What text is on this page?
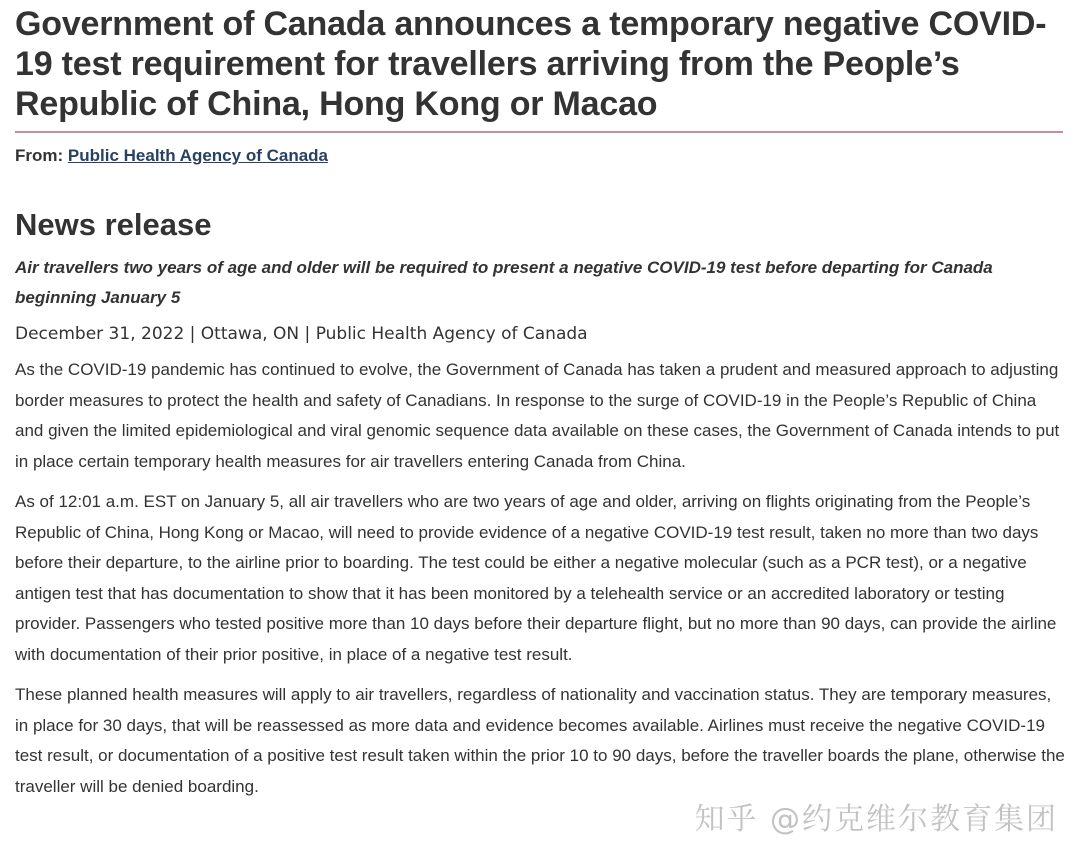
Government of Canada announces a temporary negative COVID-19 test requirement for travellers arriving from the People’s Republic of China, Hong Kong or Macao
From: Public Health Agency of Canada
News release
Air travellers two years of age and older will be required to present a negative COVID-19 test before departing for Canada beginning January 5
December 31, 2022 | Ottawa, ON | Public Health Agency of Canada

As the COVID-19 pandemic has continued to evolve, the Government of Canada has taken a prudent and measured approach to adjusting border measures to protect the health and safety of Canadians. In response to the surge of COVID-19 in the People’s Republic of China and given the limited epidemiological and viral genomic sequence data available on these cases, the Government of Canada intends to put in place certain temporary health measures for air travellers entering Canada from China.

As of 12:01 a.m. EST on January 5, all air travellers who are two years of age and older, arriving on flights originating from the People’s Republic of China, Hong Kong or Macao, will need to provide evidence of a negative COVID-19 test result, taken no more than two days before their departure, to the airline prior to boarding. The test could be either a negative molecular (such as a PCR test), or a negative antigen test that has documentation to show that it has been monitored by a telehealth service or an accredited laboratory or testing provider. Passengers who tested positive more than 10 days before their departure flight, but no more than 90 days, can provide the airline with documentation of their prior positive, in place of a negative test result.

These planned health measures will apply to air travellers, regardless of nationality and vaccination status. They are temporary measures, in place for 30 days, that will be reassessed as more data and evidence becomes available. Airlines must receive the negative COVID-19 test result, or documentation of a positive test result taken within the prior 10 to 90 days, before the traveller boards the plane, otherwise the traveller will be denied boarding.

知乎 @约克维尔教育集团
